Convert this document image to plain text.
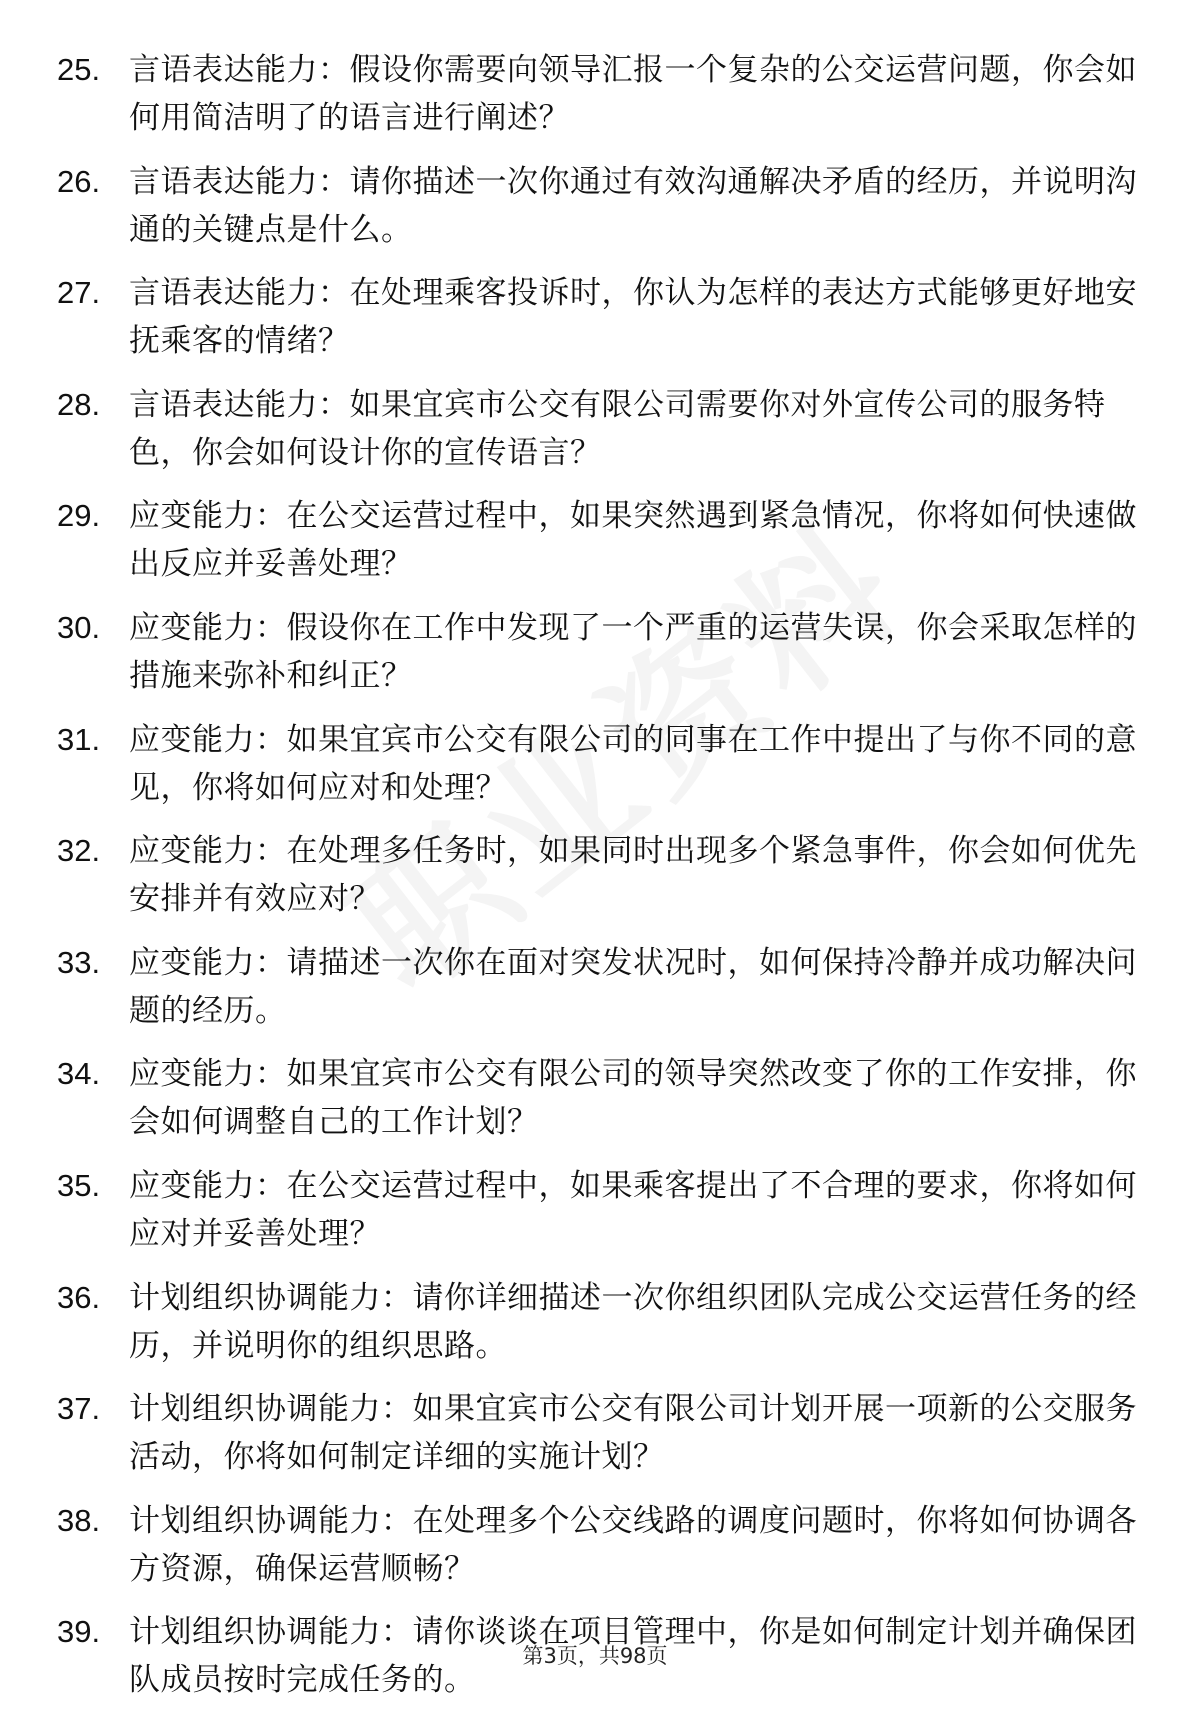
25. 言语表达能力：假设你需要向领导汇报一个复杂的公交运营问题，你会如何用简洁明了的语言进行阐述？
26. 言语表达能力：请你描述一次你通过有效沟通解决矛盾的经历，并说明沟通的关键点是什么。
27. 言语表达能力：在处理乘客投诉时，你认为怎样的表达方式能够更好地安抚乘客的情绪？
28. 言语表达能力：如果宜宾市公交有限公司需要你对外宣传公司的服务特色，你会如何设计你的宣传语言？
29. 应变能力：在公交运营过程中，如果突然遇到紧急情况，你将如何快速做出反应并妥善处理？
30. 应变能力：假设你在工作中发现了一个严重的运营失误，你会采取怎样的措施来弥补和纠正？
31. 应变能力：如果宜宾市公交有限公司的同事在工作中提出了与你不同的意见，你将如何应对和处理？
32. 应变能力：在处理多任务时，如果同时出现多个紧急事件，你会如何优先安排并有效应对？
33. 应变能力：请描述一次你在面对突发状况时，如何保持冷静并成功解决问题的经历。
34. 应变能力：如果宜宾市公交有限公司的领导突然改变了你的工作安排，你会如何调整自己的工作计划？
35. 应变能力：在公交运营过程中，如果乘客提出了不合理的要求，你将如何应对并妥善处理？
36. 计划组织协调能力：请你详细描述一次你组织团队完成公交运营任务的经历，并说明你的组织思路。
37. 计划组织协调能力：如果宜宾市公交有限公司计划开展一项新的公交服务活动，你将如何制定详细的实施计划？
38. 计划组织协调能力：在处理多个公交线路的调度问题时，你将如何协调各方资源，确保运营顺畅？
39. 计划组织协调能力：请你谈谈在项目管理中，你是如何制定计划并确保团队成员按时完成任务的。
第3页，共98页
